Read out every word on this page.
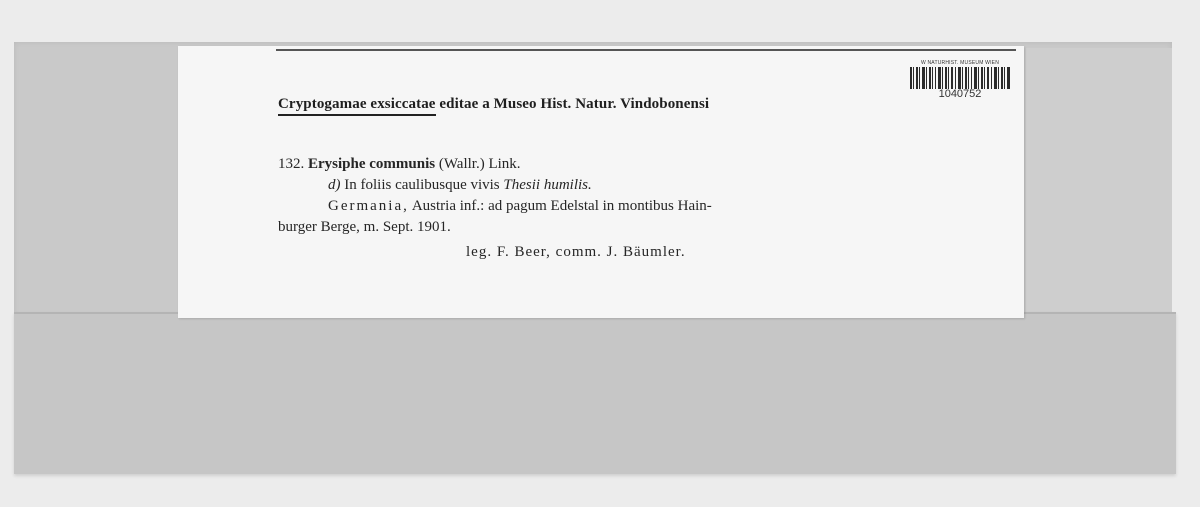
Cryptogamae exsiccatae editae a Museo Hist. Natur. Vindobonensi
W NATURHIST. MUSEUM WIEN
1040752
132. Erysiphe communis (Wallr.) Link.
d) In foliis caulibusque vivis Thesii humilis.
Germania, Austria inf.: ad pagum Edelstal in montibus Hain-
burger Berge, m. Sept. 1901.
leg. F. Beer, comm. J. Bäumler.
